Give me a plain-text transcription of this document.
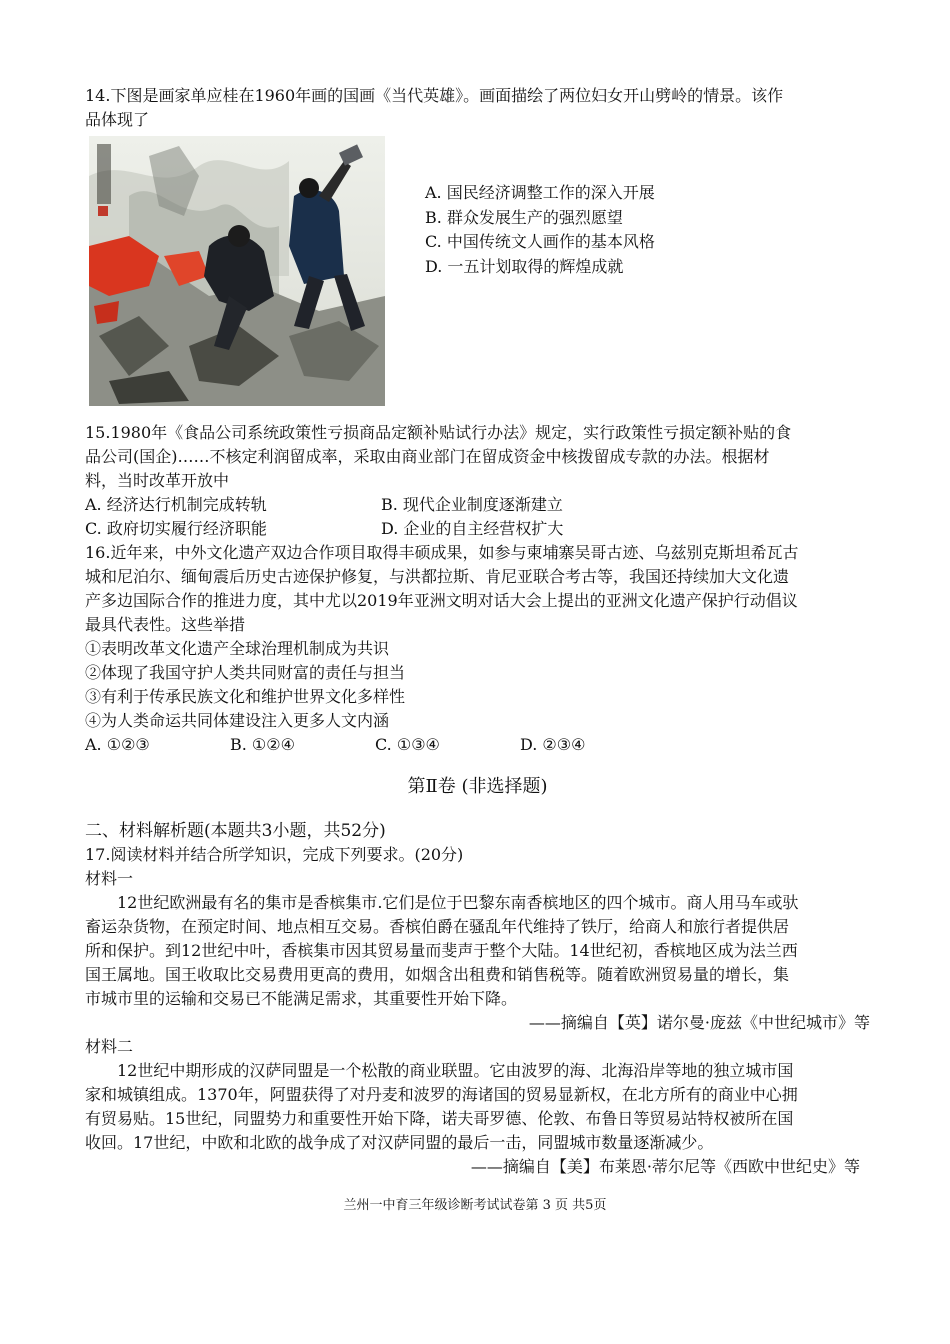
14.下图是画家单应桂在1960年画的国画《当代英雄》。画面描绘了两位妇女开山劈岭的情景。该作
品体现了
A. 国民经济调整工作的深入开展
B. 群众发展生产的强烈愿望
C. 中国传统文人画作的基本风格
D. 一五计划取得的辉煌成就
15.1980年《食品公司系统政策性亏损商品定额补贴试行办法》规定，实行政策性亏损定额补贴的食
品公司(国企)……不核定利润留成率，采取由商业部门在留成资金中核拨留成专款的办法。根据材
料，当时改革开放中
A. 经济达行机制完成转轨	B. 现代企业制度逐渐建立
C. 政府切实履行经济职能	D. 企业的自主经营权扩大
16.近年来，中外文化遗产双边合作项目取得丰硕成果，如参与柬埔寨吴哥古迹、乌兹别克斯坦希瓦古
城和尼泊尔、缅甸震后历史古迹保护修复，与洪都拉斯、肯尼亚联合考古等，我国还持续加大文化遗
产多边国际合作的推进力度，其中尤以2019年亚洲文明对话大会上提出的亚洲文化遗产保护行动倡议
最具代表性。这些举措
①表明改革文化遗产全球治理机制成为共识
②体现了我国守护人类共同财富的责任与担当
③有利于传承民族文化和维护世界文化多样性
④为人类命运共同体建设注入更多人文内涵
A. ①②③	B. ①②④	C. ①③④	D. ②③④
第Ⅱ卷 (非选择题)
二、材料解析题(本题共3小题，共52分)
17.阅读材料并结合所学知识，完成下列要求。(20分)
材料一
12世纪欧洲最有名的集市是香槟集市.它们是位于巴黎东南香槟地区的四个城市。商人用马车或驮
畜运杂货物，在预定时间、地点相互交易。香槟伯爵在骚乱年代维持了铁厅，给商人和旅行者提供居
所和保护。到12世纪中叶，香槟集市因其贸易量而斐声于整个大陆。14世纪初，香槟地区成为法兰西
国王属地。国王收取比交易费用更高的费用，如烟含出租费和销售税等。随着欧洲贸易量的增长，集
市城市里的运输和交易已不能满足需求，其重要性开始下降。
——摘编自【英】诺尔曼·庞兹《中世纪城市》等
材料二
12世纪中期形成的汉萨同盟是一个松散的商业联盟。它由波罗的海、北海沿岸等地的独立城市国
家和城镇组成。1370年，阿盟获得了对丹麦和波罗的海诸国的贸易显新权，在北方所有的商业中心拥
有贸易贴。15世纪，同盟势力和重要性开始下降，诺夫哥罗德、伦敦、布鲁日等贸易站特权被所在国
收回。17世纪，中欧和北欧的战争成了对汉萨同盟的最后一击，同盟城市数量逐渐减少。
——摘编自【美】布莱恩·蒂尔尼等《西欧中世纪史》等
兰州一中育三年级诊断考试试卷第 3 页 共5页
